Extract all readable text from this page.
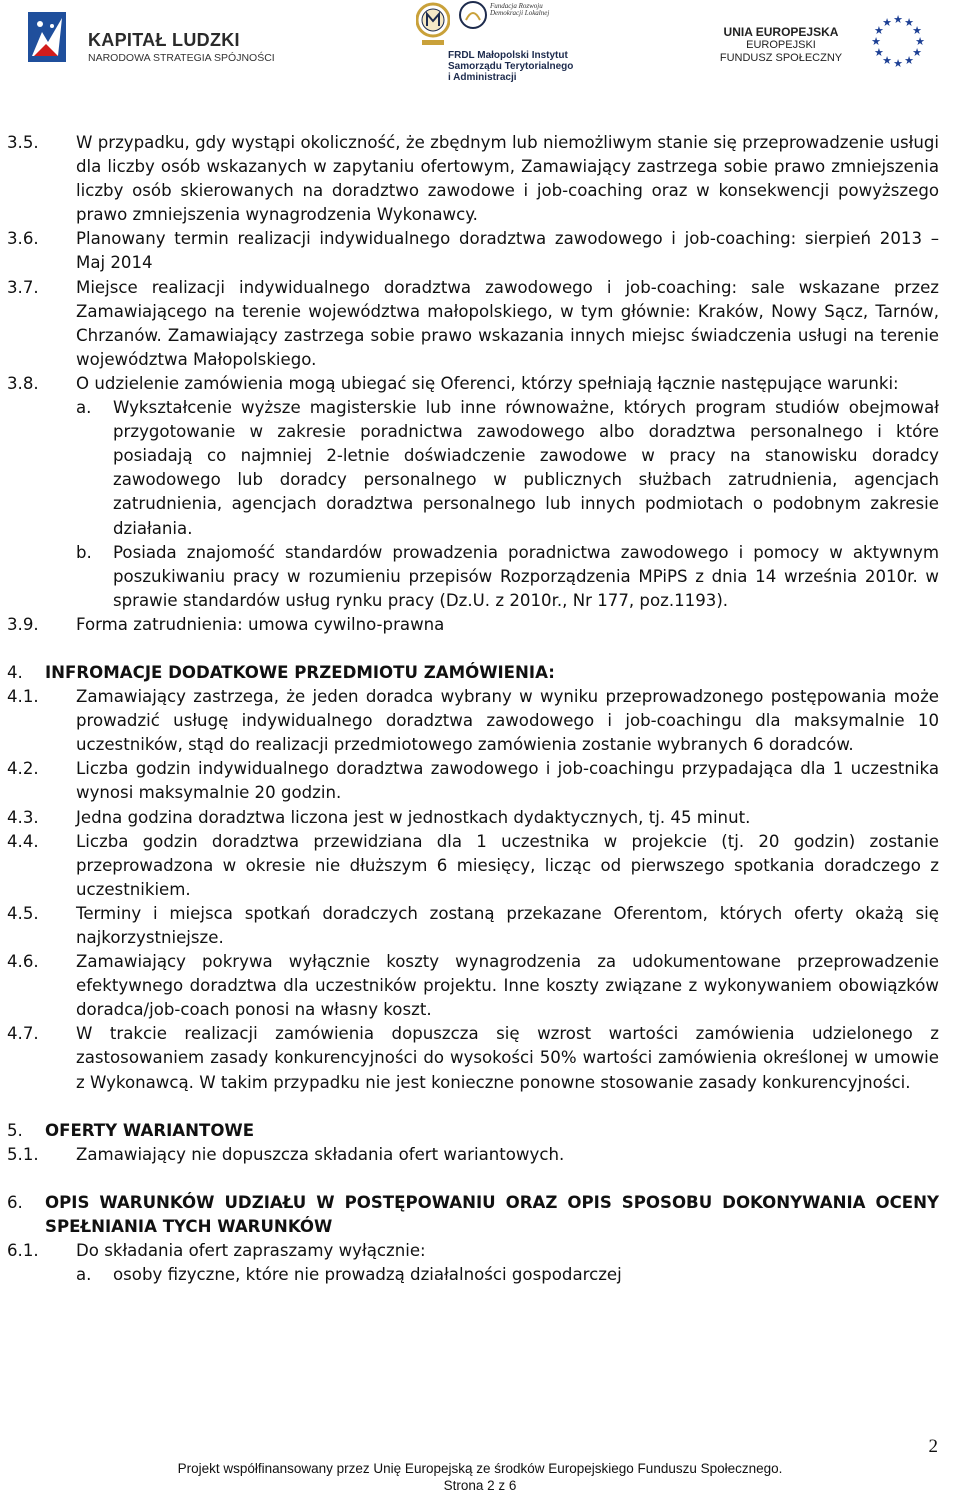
KAPITAŁ LUDZKI
NARODOWA STRATEGIA SPÓJNOŚCI
Fundacja Rozwoju
Demokracji Lokalnej
FRDL Małopolski Instytut
Samorządu Terytorialnego
i Administracji
UNIA EUROPEJSKA
EUROPEJSKI
FUNDUSZ SPOŁECZNY
★ ★
★
★
★
★
★
★
★
★
★
★
3.5. W przypadku, gdy wystąpi okoliczność, że zbędnym lub niemożliwym stanie się przeprowadzenie usługi dla liczby osób wskazanych w zapytaniu ofertowym, Zamawiający zastrzega sobie prawo zmniejszenia liczby osób skierowanych na doradztwo zawodowe i job-coaching oraz w konsekwencji powyższego prawo zmniejszenia wynagrodzenia Wykonawcy.
3.6. Planowany termin realizacji indywidualnego doradztwa zawodowego i job-coaching: sierpień 2013 – Maj 2014
3.7. Miejsce realizacji indywidualnego doradztwa zawodowego i job-coaching: sale wskazane przez Zamawiającego na terenie województwa małopolskiego, w tym głównie: Kraków, Nowy Sącz, Tarnów, Chrzanów. Zamawiający zastrzega sobie prawo wskazania innych miejsc świadczenia usługi na terenie województwa Małopolskiego.
3.8. O udzielenie zamówienia mogą ubiegać się Oferenci, którzy spełniają łącznie następujące warunki:
a. Wykształcenie wyższe magisterskie lub inne równoważne, których program studiów obejmował przygotowanie w zakresie poradnictwa zawodowego albo doradztwa personalnego i które posiadają co najmniej 2-letnie doświadczenie zawodowe w pracy na stanowisku doradcy zawodowego lub doradcy personalnego w publicznych służbach zatrudnienia, agencjach zatrudnienia, agencjach doradztwa personalnego lub innych podmiotach o podobnym zakresie działania.
b. Posiada znajomość standardów prowadzenia poradnictwa zawodowego i pomocy w aktywnym poszukiwaniu pracy w rozumieniu przepisów Rozporządzenia MPiPS z dnia 14 września 2010r. w sprawie standardów usług rynku pracy (Dz.U. z 2010r., Nr 177, poz.1193).
3.9. Forma zatrudnienia: umowa cywilno-prawna
4. INFROMACJE DODATKOWE PRZEDMIOTU ZAMÓWIENIA:
4.1. Zamawiający zastrzega, że jeden doradca wybrany w wyniku przeprowadzonego postępowania może prowadzić usługę indywidualnego doradztwa zawodowego i job-coachingu dla maksymalnie 10 uczestników, stąd do realizacji przedmiotowego zamówienia zostanie wybranych 6 doradców.
4.2. Liczba godzin indywidualnego doradztwa zawodowego i job-coachingu przypadająca dla 1 uczestnika wynosi maksymalnie 20 godzin.
4.3. Jedna godzina doradztwa liczona jest w jednostkach dydaktycznych, tj. 45 minut.
4.4. Liczba godzin doradztwa przewidziana dla 1 uczestnika w projekcie (tj. 20 godzin) zostanie przeprowadzona w okresie nie dłuższym 6 miesięcy, licząc od pierwszego spotkania doradczego z uczestnikiem.
4.5. Terminy i miejsca spotkań doradczych zostaną przekazane Oferentom, których oferty okażą się najkorzystniejsze.
4.6. Zamawiający pokrywa wyłącznie koszty wynagrodzenia za udokumentowane przeprowadzenie efektywnego doradztwa dla uczestników projektu. Inne koszty związane z wykonywaniem obowiązków doradca/job-coach ponosi na własny koszt.
4.7. W trakcie realizacji zamówienia dopuszcza się wzrost wartości zamówienia udzielonego z zastosowaniem zasady konkurencyjności do wysokości 50% wartości zamówienia określonej w umowie z Wykonawcą. W takim przypadku nie jest konieczne ponowne stosowanie zasady konkurencyjności.
5. OFERTY WARIANTOWE
5.1. Zamawiający nie dopuszcza składania ofert wariantowych.
6. OPIS WARUNKÓW UDZIAŁU W POSTĘPOWANIU ORAZ OPIS SPOSOBU DOKONYWANIA OCENY SPEŁNIANIA TYCH WARUNKÓW
6.1. Do składania ofert zapraszamy wyłącznie:
a. osoby fizyczne, które nie prowadzą działalności gospodarczej
2
Projekt współfinansowany przez Unię Europejską ze środków Europejskiego Funduszu Społecznego.
Strona 2 z 6
